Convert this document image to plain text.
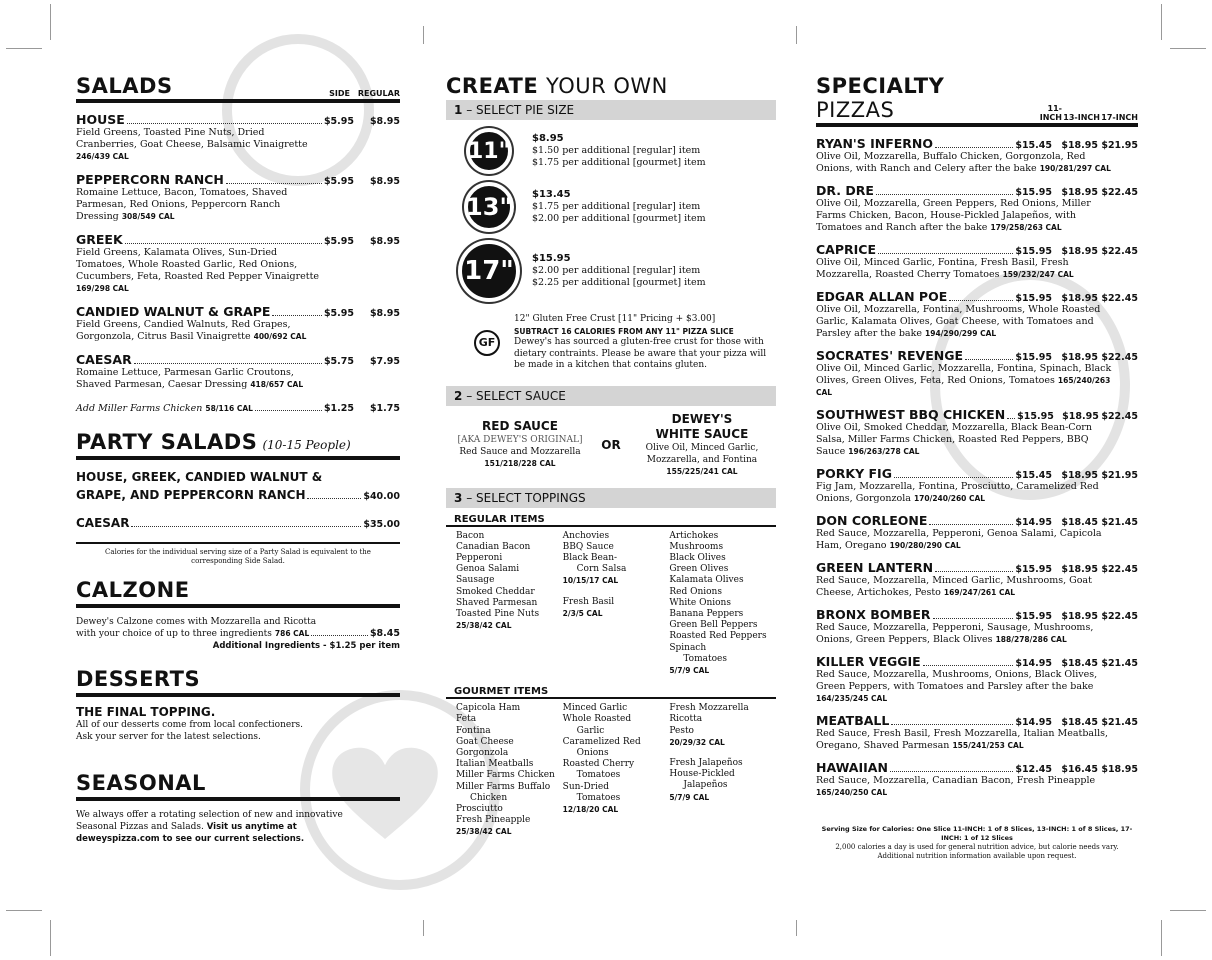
SALADS	SIDE REGULAR
HOUSE	$5.95	$8.95
Field Greens, Toasted Pine Nuts, Dried Cranberries, Goat Cheese, Balsamic Vinaigrette 246/439 CAL
PEPPERCORN RANCH	$5.95	$8.95
Romaine Lettuce, Bacon, Tomatoes, Shaved Parmesan, Red Onions, Peppercorn Ranch Dressing 308/549 CAL
GREEK	$5.95	$8.95
Field Greens, Kalamata Olives, Sun-Dried Tomatoes, Whole Roasted Garlic, Red Onions, Cucumbers, Feta, Roasted Red Pepper Vinaigrette 169/298 CAL
CANDIED WALNUT & GRAPE	$5.95	$8.95
Field Greens, Candied Walnuts, Red Grapes, Gorgonzola, Citrus Basil Vinaigrette 400/692 CAL
CAESAR	$5.75	$7.95
Romaine Lettuce, Parmesan Garlic Croutons, Shaved Parmesan, Caesar Dressing 418/657 CAL
Add Miller Farms Chicken 58/116 CAL	$1.25	$1.75
PARTY SALADS (10-15 People)
HOUSE, GREEK, CANDIED WALNUT &
GRAPE, AND PEPPERCORN RANCH	$40.00
CAESAR	$35.00
Calories for the individual serving size of a Party Salad is equivalent to the corresponding Side Salad.
CALZONE
Dewey's Calzone comes with Mozzarella and Ricotta
with your choice of up to three ingredients 786 CAL	$8.45
Additional Ingredients - $1.25 per item
DESSERTS
THE FINAL TOPPING.
All of our desserts come from local confectioners. Ask your server for the latest selections.
SEASONAL
We always offer a rotating selection of new and innovative Seasonal Pizzas and Salads. Visit us anytime at deweyspizza.com to see our current selections.
CREATE YOUR OWN
1 – SELECT PIE SIZE
11" $8.95
$1.50 per additional [regular] item
$1.75 per additional [gourmet] item
13" $13.45
$1.75 per additional [regular] item
$2.00 per additional [gourmet] item
17"	$15.95
$2.00 per additional [regular] item
$2.25 per additional [gourmet] item
GF
12" Gluten Free Crust [11" Pricing + $3.00]
SUBTRACT 16 CALORIES FROM ANY 11" PIZZA SLICE
Dewey's has sourced a gluten-free crust for those with dietary contraints. Please be aware that your pizza will be made in a kitchen that contains gluten.
2 – SELECT SAUCE
RED SAUCE
[AKA DEWEY'S ORIGINAL]
Red Sauce and Mozzarella
151/218/228 CAL
OR
DEWEY'S
WHITE SAUCE
Olive Oil, Minced Garlic, Mozzarella, and Fontina
155/225/241 CAL
3 – SELECT TOPPINGS
REGULAR ITEMS
Bacon
Canadian Bacon
Pepperoni
Genoa Salami
Sausage
Smoked Cheddar
Shaved Parmesan
Toasted Pine Nuts
25/38/42 CAL
Anchovies
BBQ Sauce
Black Bean-
Corn Salsa
10/15/17 CAL
Fresh Basil
2/3/5 CAL
Artichokes
Mushrooms
Black Olives
Green Olives
Kalamata Olives
Red Onions
White Onions
Banana Peppers
Green Bell Peppers
Roasted Red Peppers
Spinach
Tomatoes
5/7/9 CAL
GOURMET ITEMS
Capicola Ham
Feta
Fontina
Goat Cheese
Gorgonzola
Italian Meatballs
Miller Farms Chicken
Miller Farms Buffalo
Chicken
Prosciutto
Fresh Pineapple
25/38/42 CAL
Minced Garlic
Whole Roasted
Garlic
Caramelized Red
Onions
Roasted Cherry
Tomatoes
Sun-Dried
Tomatoes
12/18/20 CAL
Fresh Mozzarella
Ricotta
Pesto
20/29/32 CAL
Fresh Jalapeños
House-Pickled
Jalapeños
5/7/9 CAL
SPECIALTY PIZZAS	11-INCH 13-INCH 17-INCH
RYAN'S INFERNO	$15.45 $18.95 $21.95
Olive Oil, Mozzarella, Buffalo Chicken, Gorgonzola, Red Onions, with Ranch and Celery after the bake 190/281/297 CAL
DR. DRE	$15.95 $18.95 $22.45
Olive Oil, Mozzarella, Green Peppers, Red Onions, Miller Farms Chicken, Bacon, House-Pickled Jalapeños, with Tomatoes and Ranch after the bake 179/258/263 CAL
CAPRICE	$15.95 $18.95 $22.45
Olive Oil, Minced Garlic, Fontina, Fresh Basil, Fresh Mozzarella, Roasted Cherry Tomatoes 159/232/247 CAL
EDGAR ALLAN POE	$15.95 $18.95 $22.45
Olive Oil, Mozzarella, Fontina, Mushrooms, Whole Roasted Garlic, Kalamata Olives, Goat Cheese, with Tomatoes and Parsley after the bake 194/290/299 CAL
SOCRATES' REVENGE	$15.95 $18.95 $22.45
Olive Oil, Minced Garlic, Mozzarella, Fontina, Spinach, Black Olives, Green Olives, Feta, Red Onions, Tomatoes 165/240/263 CAL
SOUTHWEST BBQ CHICKEN $15.95 $18.95 $22.45
Olive Oil, Smoked Cheddar, Mozzarella, Black Bean-Corn Salsa, Miller Farms Chicken, Roasted Red Peppers, BBQ Sauce 196/263/278 CAL
PORKY FIG	$15.45 $18.95 $21.95
Fig Jam, Mozzarella, Fontina, Prosciutto, Caramelized Red Onions, Gorgonzola 170/240/260 CAL
DON CORLEONE	$14.95 $18.45 $21.45
Red Sauce, Mozzarella, Pepperoni, Genoa Salami, Capicola Ham, Oregano 190/280/290 CAL
GREEN LANTERN	$15.95 $18.95 $22.45
Red Sauce, Mozzarella, Minced Garlic, Mushrooms, Goat Cheese, Artichokes, Pesto 169/247/261 CAL
BRONX BOMBER	$15.95 $18.95 $22.45
Red Sauce, Mozzarella, Pepperoni, Sausage, Mushrooms, Onions, Green Peppers, Black Olives 188/278/286 CAL
KILLER VEGGIE	$14.95 $18.45 $21.45
Red Sauce, Mozzarella, Mushrooms, Onions, Black Olives, Green Peppers, with Tomatoes and Parsley after the bake 164/235/245 CAL
MEATBALL	$14.95 $18.45 $21.45
Red Sauce, Fresh Basil, Fresh Mozzarella, Italian Meatballs, Oregano, Shaved Parmesan 155/241/253 CAL
HAWAIIAN	$12.45 $16.45 $18.95
Red Sauce, Mozzarella, Canadian Bacon, Fresh Pineapple 165/240/250 CAL
Serving Size for Calories: One Slice 11-INCH: 1 of 8 Slices, 13-INCH: 1 of 8 Slices, 17-INCH: 1 of 12 Slices
2,000 calories a day is used for general nutrition advice, but calorie needs vary.
Additional nutrition information available upon request.
